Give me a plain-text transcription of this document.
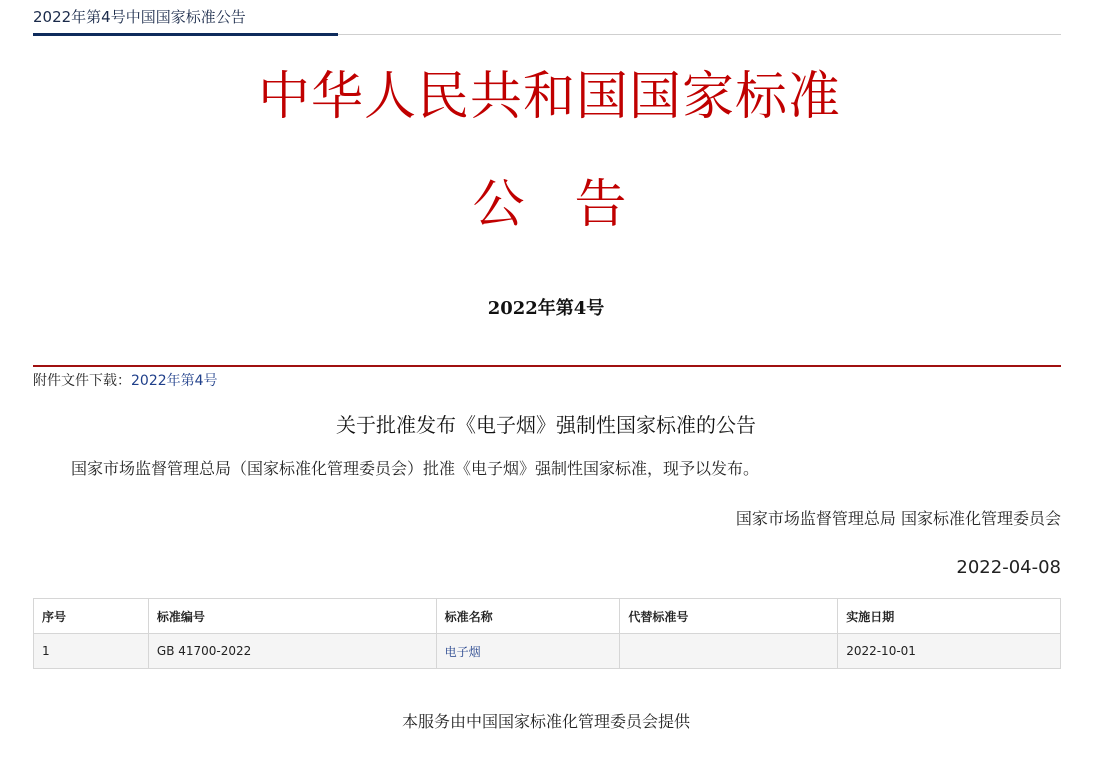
2022年第4号中国国家标准公告
中华人民共和国国家标准
公告
2022年第4号
附件文件下载：2022年第4号
关于批准发布《电子烟》强制性国家标准的公告
国家市场监督管理总局（国家标准化管理委员会）批准《电子烟》强制性国家标准，现予以发布。
国家市场监督管理总局 国家标准化管理委员会
2022-04-08
序号	标准编号	标准名称	代替标准号	实施日期
1	GB 41700-2022	电子烟		2022-10-01
本服务由中国国家标准化管理委员会提供
